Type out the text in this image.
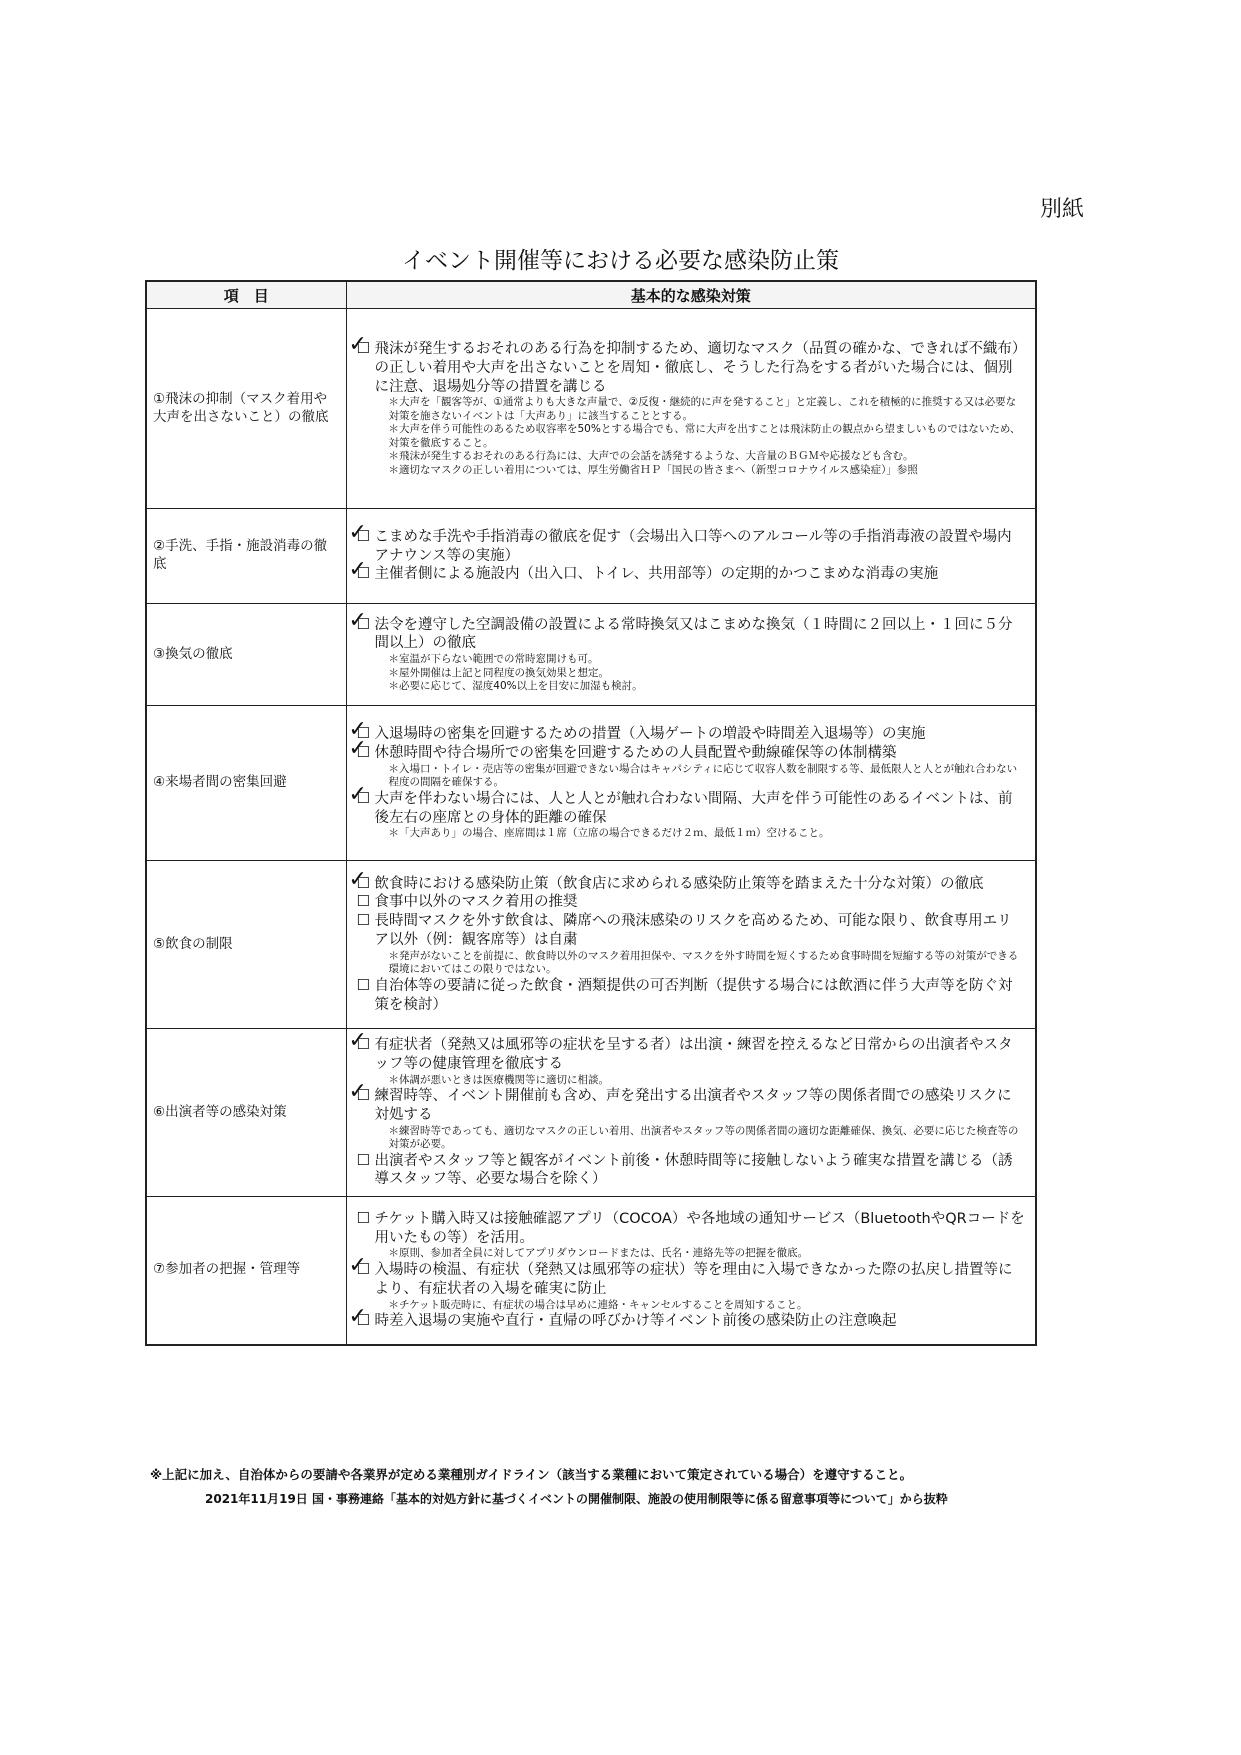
別紙
イベント開催等における必要な感染防止策
項　目	基本的な感染対策
①飛沫の抑制（マスク着用や大声を出さないこと）の徹底	☐ 飛沫が発生するおそれのある行為を抑制するため、適切なマスク（品質の確かな、できれば不織布）の正しい着用や大声を出さないことを周知・徹底し、そうした行為をする者がいた場合には、個別に注意、退場処分等の措置を講じる ✓

＊大声を「観客等が、①通常よりも大きな声量で、②反復・継続的に声を発すること」と定義し、これを積極的に推奨する又は必要な対策を施さないイベントは「大声あり」に該当することとする。

＊大声を伴う可能性のあるため収容率を50%とする場合でも、常に大声を出すことは飛沫防止の観点から望ましいものではないため、対策を徹底すること。

＊飛沫が発生するおそれのある行為には、大声での会話を誘発するような、大音量のＢＧＭや応援なども含む。

＊適切なマスクの正しい着用については、厚生労働省ＨＰ「国民の皆さまへ（新型コロナウイルス感染症）」参照

②手洗、手指・施設消毒の徹底	☐ こまめな手洗や手指消毒の徹底を促す（会場出入口等へのアルコール等の手指消毒液の設置や場内アナウンス等の実施） ✓

☐ 主催者側による施設内（出入口、トイレ、共用部等）の定期的かつこまめな消毒の実施 ✓

③換気の徹底	☐ 法令を遵守した空調設備の設置による常時換気又はこまめな換気（１時間に２回以上・１回に５分間以上）の徹底 ✓

＊室温が下らない範囲での常時窓開けも可。

＊屋外開催は上記と同程度の換気効果と想定。

＊必要に応じて、湿度40%以上を目安に加湿も検討。

④来場者間の密集回避	☐ 入退場時の密集を回避するための措置（入場ゲートの増設や時間差入退場等）の実施 ✓

☐ 休憩時間や待合場所での密集を回避するための人員配置や動線確保等の体制構築 ✓

＊入場口・トイレ・売店等の密集が回避できない場合はキャパシティに応じて収容人数を制限する等、最低限人と人とが触れ合わない程度の間隔を確保する。

☐ 大声を伴わない場合には、人と人とが触れ合わない間隔、大声を伴う可能性のあるイベントは、前後左右の座席との身体的距離の確保 ✓

＊「大声あり」の場合、座席間は１席（立席の場合できるだけ２ｍ、最低１ｍ）空けること。

⑤飲食の制限	☐ 飲食時における感染防止策（飲食店に求められる感染防止策等を踏まえた十分な対策）の徹底 ✓

☐ 食事中以外のマスク着用の推奨

☐ 長時間マスクを外す飲食は、隣席への飛沫感染のリスクを高めるため、可能な限り、飲食専用エリア以外（例：観客席等）は自粛

＊発声がないことを前提に、飲食時以外のマスク着用担保や、マスクを外す時間を短くするため食事時間を短縮する等の対策ができる環境においてはこの限りではない。

☐ 自治体等の要請に従った飲食・酒類提供の可否判断（提供する場合には飲酒に伴う大声等を防ぐ対策を検討）

⑥出演者等の感染対策	☐ 有症状者（発熱又は風邪等の症状を呈する者）は出演・練習を控えるなど日常からの出演者やスタッフ等の健康管理を徹底する ✓

＊体調が悪いときは医療機関等に適切に相談。

☐ 練習時等、イベント開催前も含め、声を発出する出演者やスタッフ等の関係者間での感染リスクに対処する ✓

＊練習時等であっても、適切なマスクの正しい着用、出演者やスタッフ等の関係者間の適切な距離確保、換気、必要に応じた検査等の対策が必要。

☐ 出演者やスタッフ等と観客がイベント前後・休憩時間等に接触しないよう確実な措置を講じる（誘導スタッフ等、必要な場合を除く）

⑦参加者の把握・管理等	☐ チケット購入時又は接触確認アプリ（COCOA）や各地域の通知サービス（BluetoothやQRコードを用いたもの等）を活用。

＊原則、参加者全員に対してアプリダウンロードまたは、氏名・連絡先等の把握を徹底。

☐ 入場時の検温、有症状（発熱又は風邪等の症状）等を理由に入場できなかった際の払戻し措置等により、有症状者の入場を確実に防止 ✓

＊チケット販売時に、有症状の場合は早めに連絡・キャンセルすることを周知すること。

☐ 時差入退場の実施や直行・直帰の呼びかけ等イベント前後の感染防止の注意喚起 ✓

※上記に加え、自治体からの要請や各業界が定める業種別ガイドライン（該当する業種において策定されている場合）を遵守すること。
2021年11月19日 国・事務連絡「基本的対処方針に基づくイベントの開催制限、施設の使用制限等に係る留意事項等について」から抜粋
